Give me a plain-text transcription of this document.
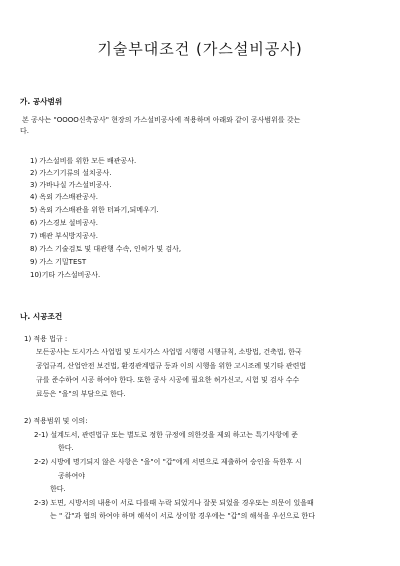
기술부대조건 (가스설비공사)
가. 공사범위
본 공사는 "OOOO신축공사" 현장의 가스설비공사에 적용하며 아래와 같이 공사범위를 갖는
다.
1) 가스설비를 위한 모든 배관공사.
2) 가스기기류의 설치공사.
3) 가바나실 가스설비공사.
4) 옥외 가스배관공사.
5) 옥외 가스배관을 위한 터파기,되메우기.
6) 가스경보 설비공사.
7) 배관 부식방지공사.
8) 가스 기술검토 및 대관행 수속, 인허가 및 검사,
9) 가스 기밀TEST
10)기타 가스설비공사.
나. 시공조건
1) 적용 법규 :
모든공사는 도시가스 사업법 및 도시가스 사업법 시행령 시행규칙, 소방법, 건축법, 한국
공업규격, 산업안전 보건법, 환경관계법규 등과 이의 시행을 위한 고시조례 및기타 관련법
규를 준수하여 시공 하여야 한다. 또한 공사 시공에 필요한 허가신고, 시험 및 검사 수수
료등은 "을"의 부담으로 한다.
2) 적용범위 및 이의:
2-1) 설계도서, 관련법규 또는 별도로 정한 규정에 의한것을 제외 하고는 특기사항에 준
한다.
2-2) 시방에 명기되지 않은 사항은 "을"이 "갑"에게 서면으로 제출하여 승인을 득한후 시
공하여야
한다.
2-3) 도면, 시방서의 내용이 서로 다를때 누락 되었거나 잘못 되었을 경우또는 의문이 있을때
는 " 갑"과 협의 하여야 하며 해석이 서로 상이할 경우에는 "갑"의 해석을 우선으로 한다
